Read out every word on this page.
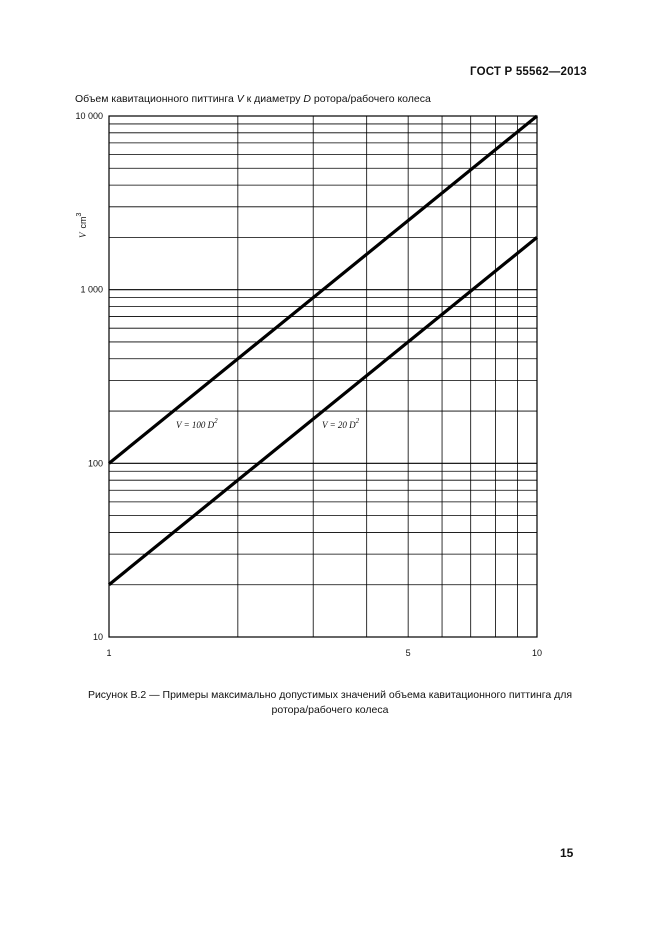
ГОСТ Р 55562—2013
Объем кавитационного питтинга V к диаметру D ротора/рабочего колеса
1	5	10
10
100
1 000
10 000
V = 100 $D^2$	V = 20 $D^2$
Vcm$^3$
Рисунок В.2 — Примеры максимально допустимых значений объема кавитационного питтинга для
ротора/рабочего колеса
15
